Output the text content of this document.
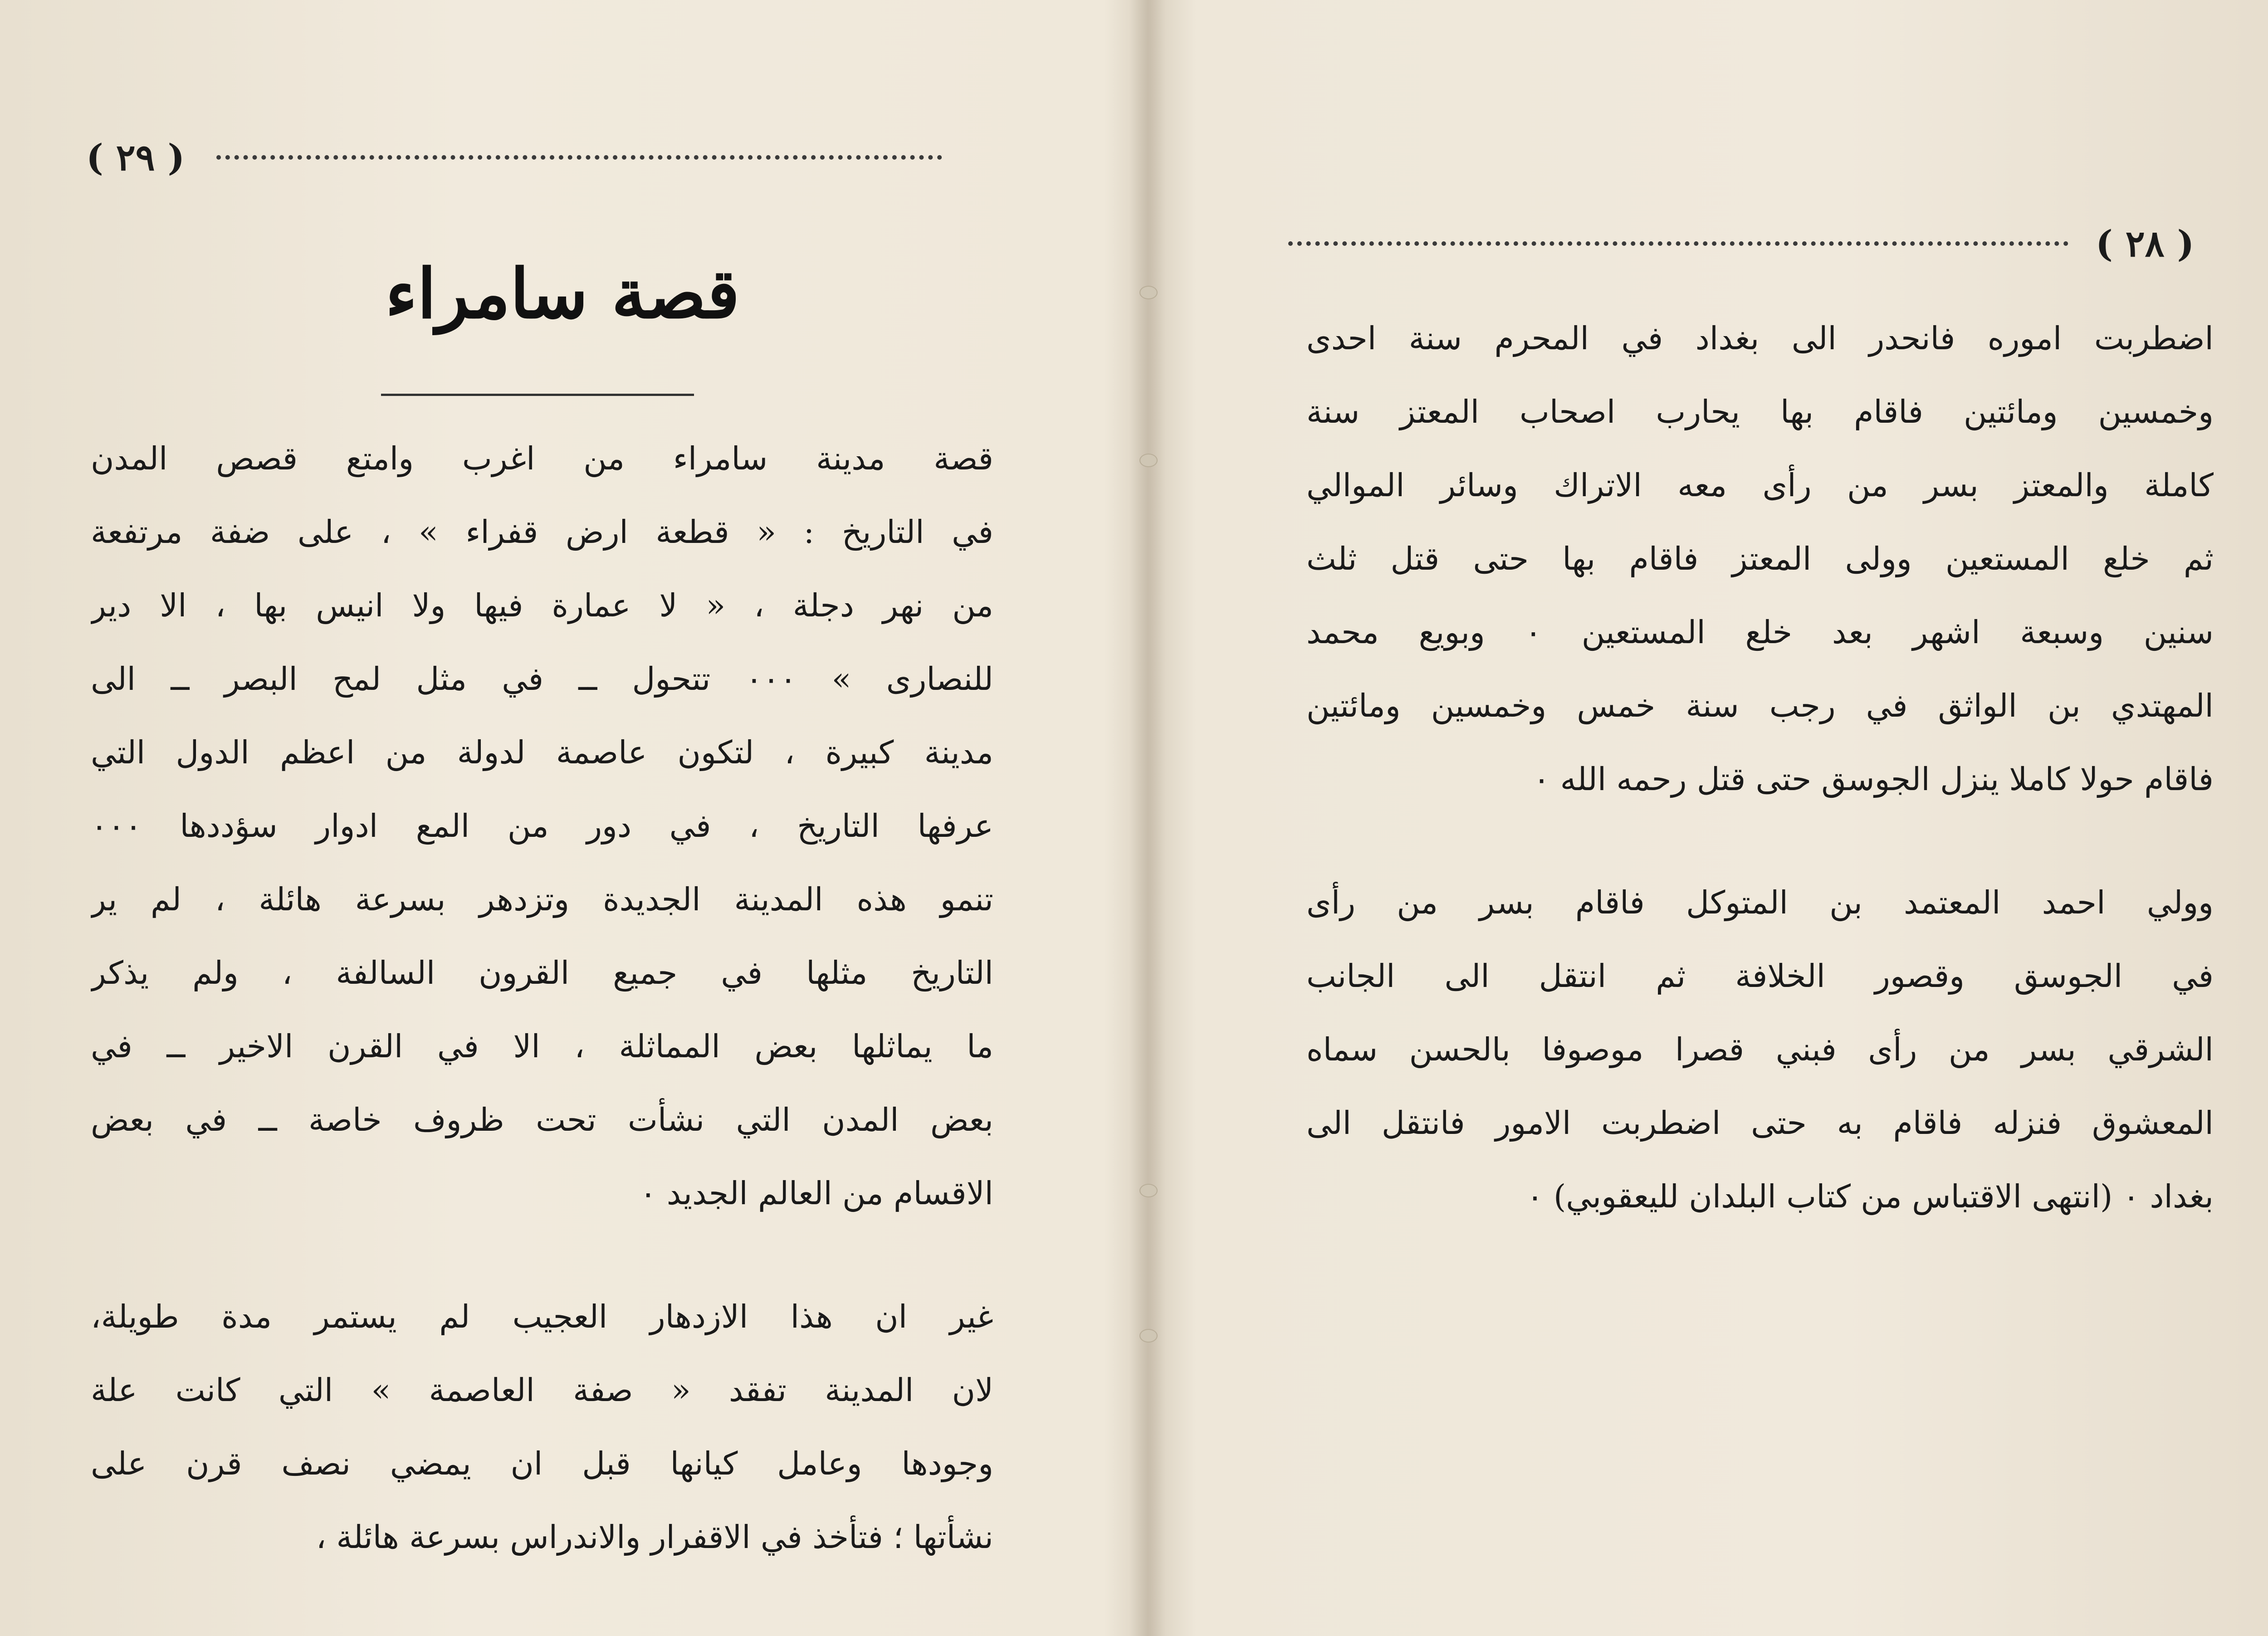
( ٢٩ )
قصة سامراء
قصة مدينة سامراء من اغرب وامتع قصص المدن
في التاريخ : « قطعة ارض قفراء » ، على ضفة مرتفعة
من نهر دجلة ، « لا عمارة فيها ولا انيس بها ، الا دير
للنصارى » ٠٠٠ تتحول ــ في مثل لمح البصر ــ الى
مدينة كبيرة ، لتكون عاصمة لدولة من اعظم الدول التي
عرفها التاريخ ، في دور من المع ادوار سؤددها ٠٠٠
تنمو هذه المدينة الجديدة وتزدهر بسرعة هائلة ، لم ير
التاريخ مثلها في جميع القرون السالفة ، ولم يذكر
ما يماثلها بعض المماثلة ، الا في القرن الاخير ــ في
بعض المدن التي نشأت تحت ظروف خاصة ــ في بعض
الاقسام من العالم الجديد ٠
غير ان هذا الازدهار العجيب لم يستمر مدة طويلة،
لان المدينة تفقد « صفة العاصمة » التي كانت علة
وجودها وعامل كيانها قبل ان يمضي نصف قرن على
نشأتها ؛ فتأخذ في الاقفرار والاندراس بسرعة هائلة ،
( ٢٨ )
اضطربت اموره فانحدر الى بغداد في المحرم سنة احدى
وخمسين ومائتين فاقام بها يحارب اصحاب المعتز سنة
كاملة والمعتز بسر من رأى معه الاتراك وسائر الموالي
ثم خلع المستعين وولى المعتز فاقام بها حتى قتل ثلث
سنين وسبعة اشهر بعد خلع المستعين ٠ وبويع محمد
المهتدي بن الواثق في رجب سنة خمس وخمسين ومائتين
فاقام حولا كاملا ينزل الجوسق حتى قتل رحمه الله ٠
وولي احمد المعتمد بن المتوكل فاقام بسر من رأى
في الجوسق وقصور الخلافة ثم انتقل الى الجانب
الشرقي بسر من رأى فبني قصرا موصوفا بالحسن سماه
المعشوق فنزله فاقام به حتى اضطربت الامور فانتقل الى
بغداد ٠ (انتهى الاقتباس من كتاب البلدان لليعقوبي) ٠
